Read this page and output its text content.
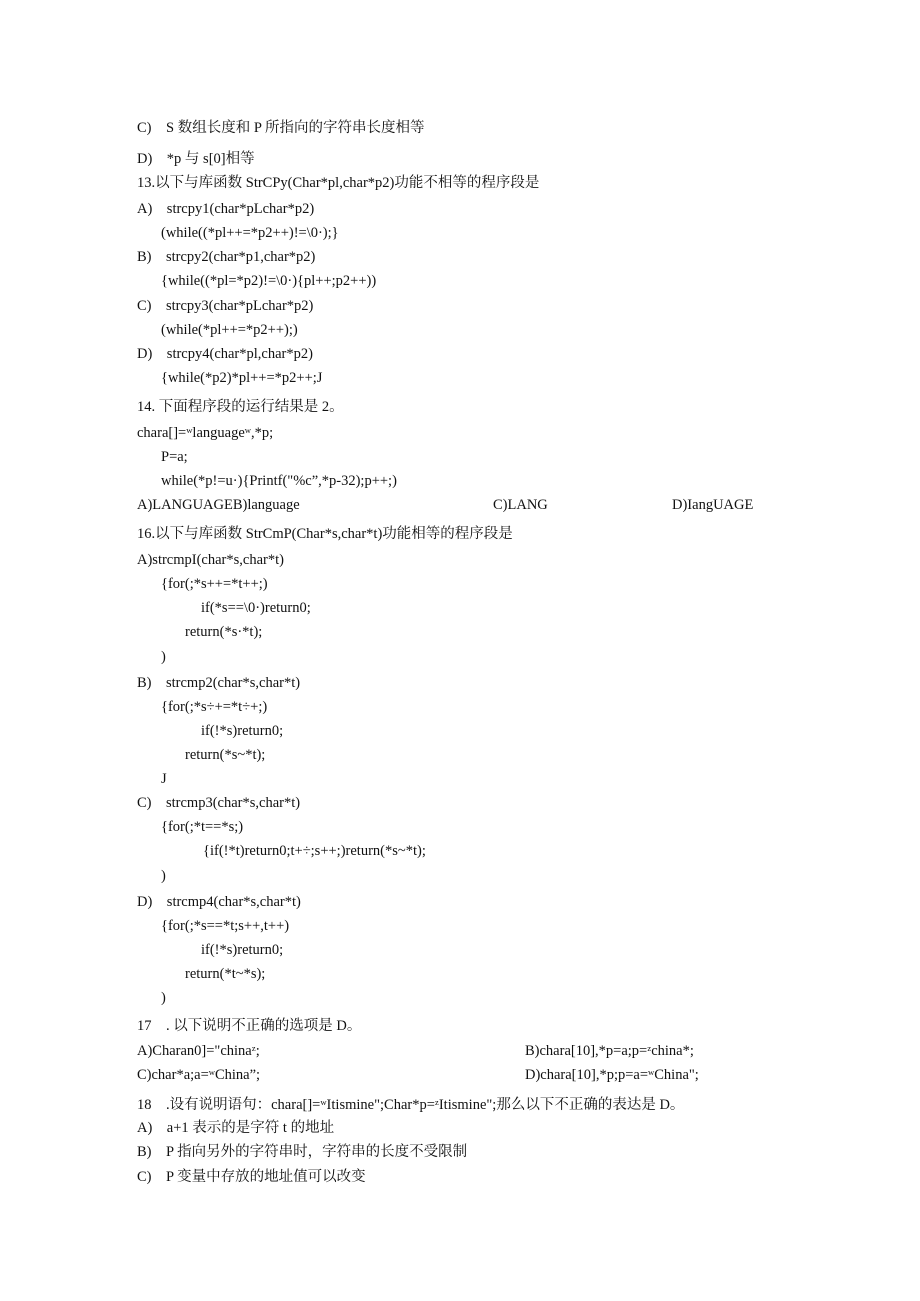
C)    S 数组长度和 P 所指向的字符串长度相等
D)    *p 与 s[0]相等
13.以下与库函数 StrCPy(Char*pl,char*p2)功能不相等的程序段是
A)    strcpy1(char*pLchar*p2)
(while((*pl++=*p2++)!=\0·);}
B)    strcpy2(char*p1,char*p2)
{while((*pl=*p2)!=\0·){pl++;p2++))
C)    strcpy3(char*pLchar*p2)
(while(*pl++=*p2++);)
D)    strcpy4(char*pl,char*p2)
{while(*p2)*pl++=*p2++;J
14. 下面程序段的运行结果是 2。
chara[]=ʷlanguageʷ,*p;
P=a;
while(*p!=u·){Printf("%c”,*p-32);p++;)
A)LANGUAGEB)language	C)LANG	D)IangUAGE
16.以下与库函数 StrCmP(Char*s,char*t)功能相等的程序段是
A)strcmpI(char*s,char*t)
{for(;*s++=*t++;)
if(*s==\0·)return0;
return(*s·*t);
)
B)    strcmp2(char*s,char*t)
{for(;*s÷+=*t÷+;)
if(!*s)return0;
return(*s~*t);
J
C)    strcmp3(char*s,char*t)
{for(;*t==*s;)
{if(!*t)return0;t+÷;s++;)return(*s~*t);
)
D)    strcmp4(char*s,char*t)
{for(;*s==*t;s++,t++)
if(!*s)return0;
return(*t~*s);
)
17    . 以下说明不正确的选项是 D。
A)Charan0]="chinaᶻ;	B)chara[10],*p=a;p=ᶻchina*;
C)char*a;a=ʷChina”;	D)chara[10],*p;p=a=ʷChina";
18    .设有说明语句：chara[]=ʷItismine";Char*p=ᶻItismine";那么以下不正确的表达是 D。
A)    a+1 表示的是字符 t 的地址
B)    P 指向另外的字符串时，字符串的长度不受限制
C)    P 变量中存放的地址值可以改变
